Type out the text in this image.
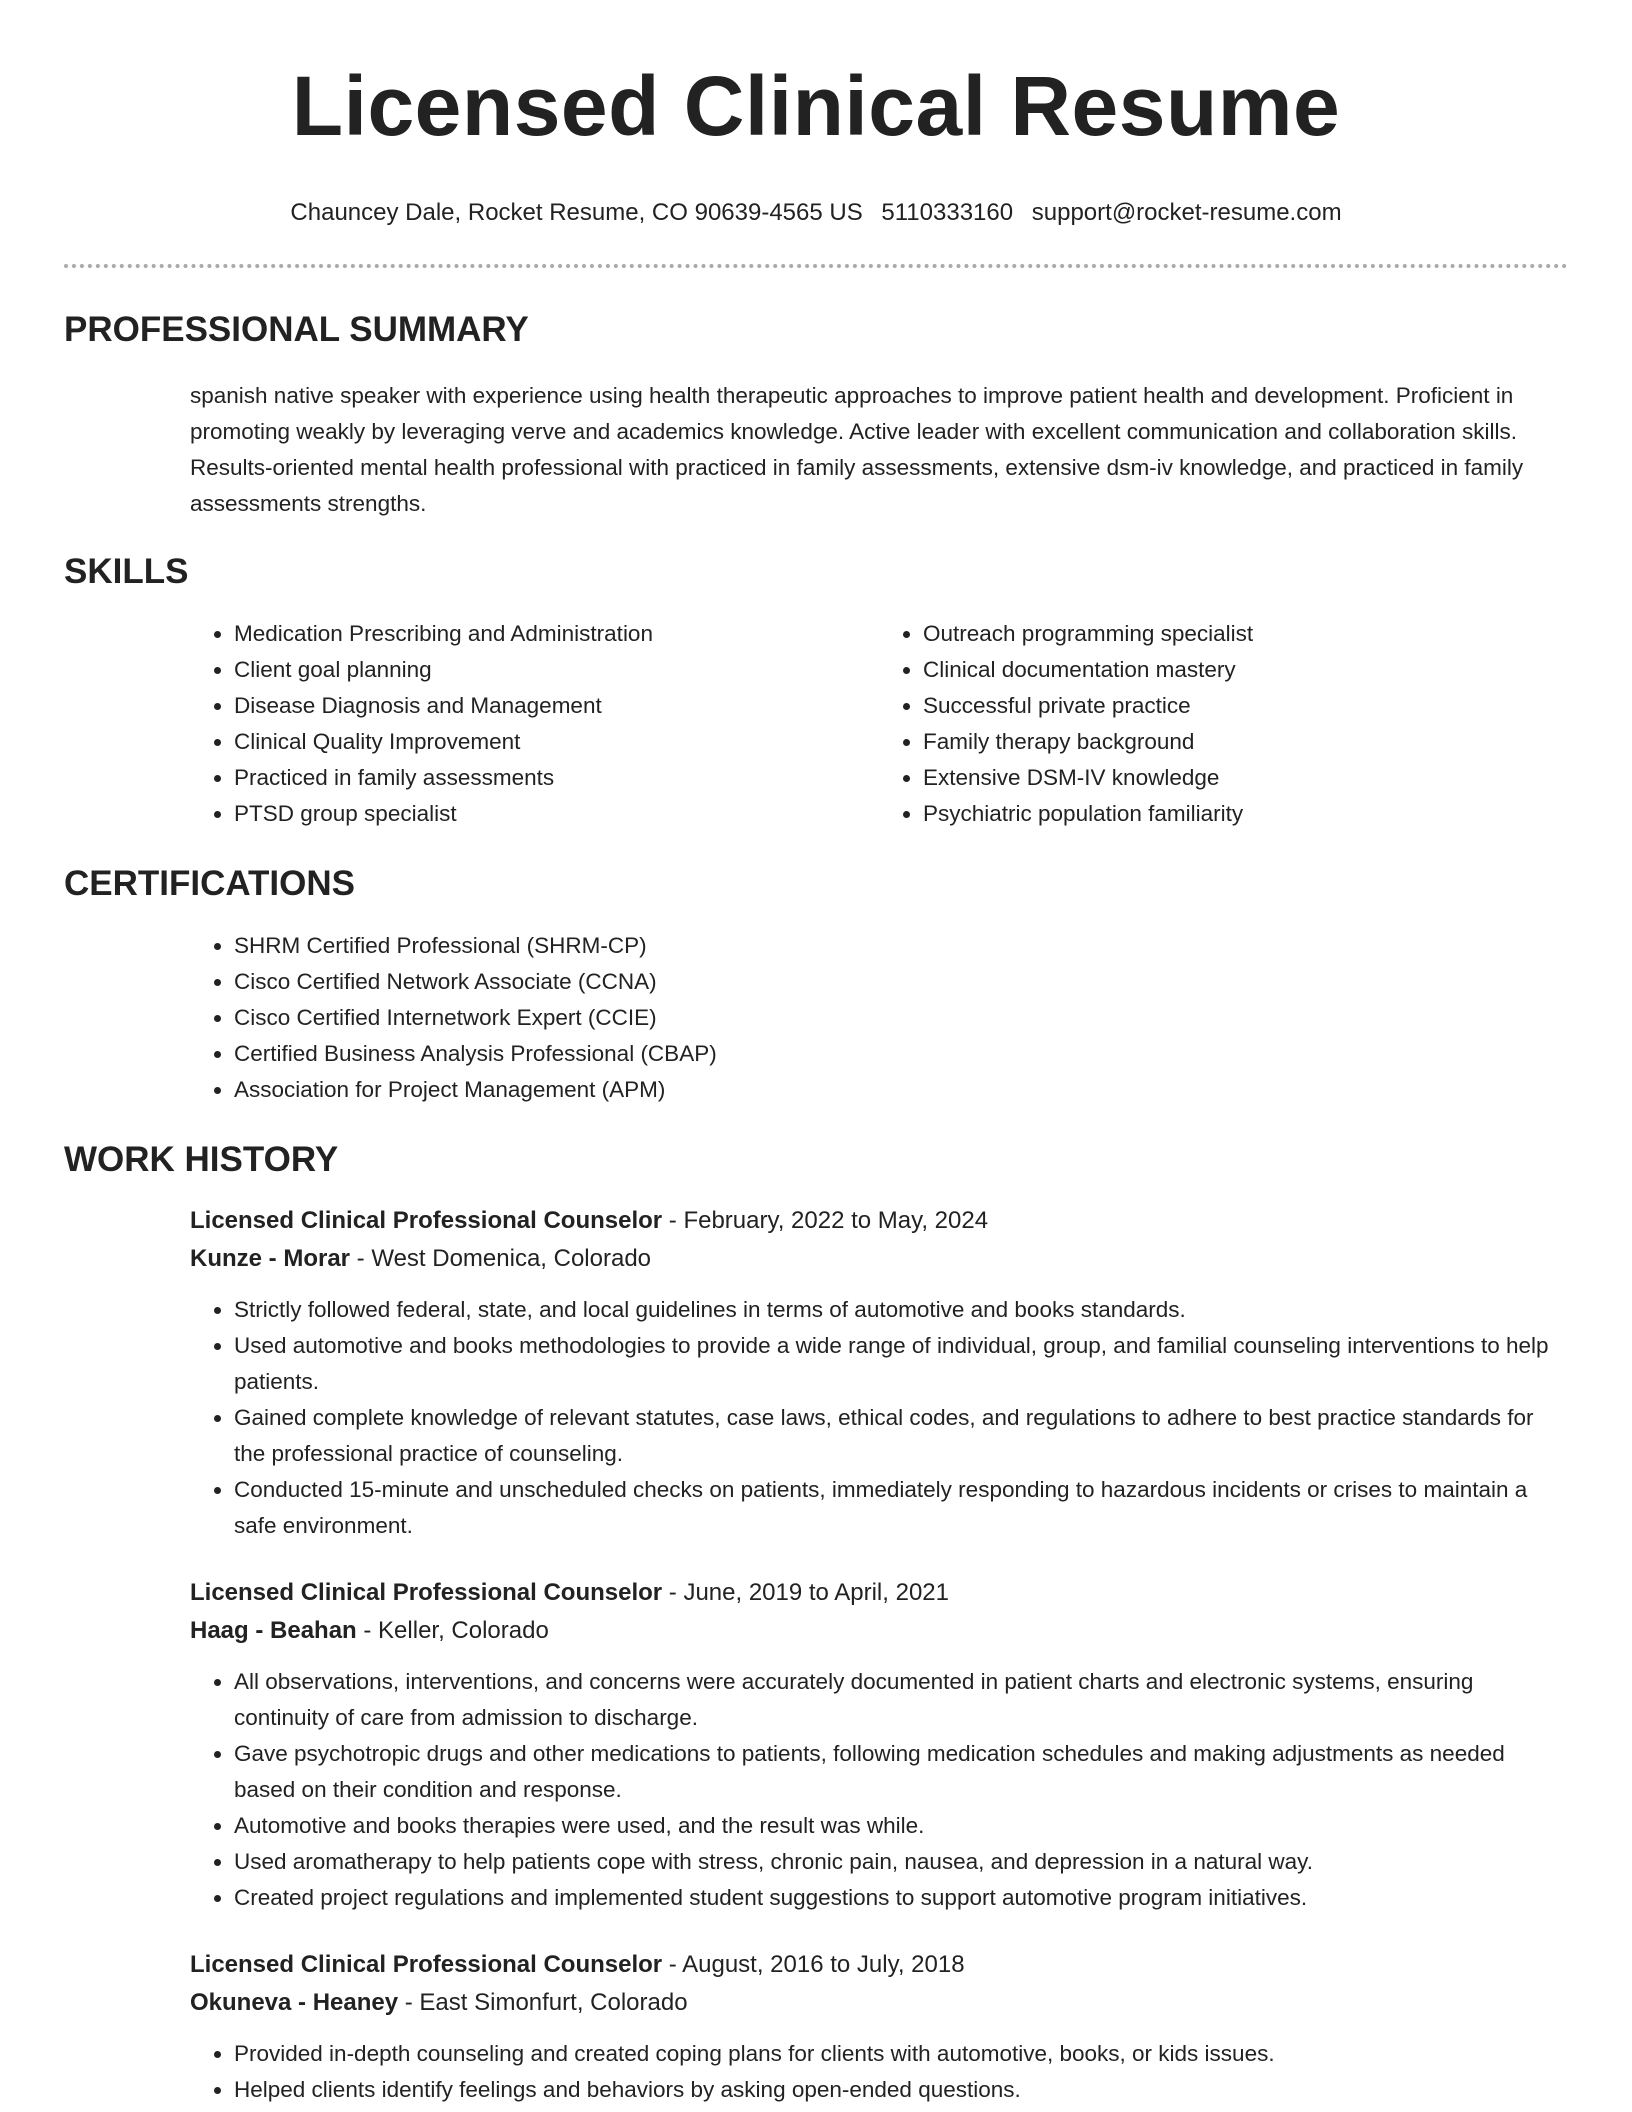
Licensed Clinical Resume
Chauncey Dale, Rocket Resume, CO 90639-4565 US 5110333160 support@rocket-resume.com
PROFESSIONAL SUMMARY

spanish native speaker with experience using health therapeutic approaches to improve patient health and development. Proficient in promoting weakly by leveraging verve and academics knowledge. Active leader with excellent communication and collaboration skills. Results-oriented mental health professional with practiced in family assessments, extensive dsm-iv knowledge, and practiced in family assessments strengths.

SKILLS
• Medication Prescribing and Administration
• Client goal planning
• Disease Diagnosis and Management
• Clinical Quality Improvement
• Practiced in family assessments
• PTSD group specialist
• Outreach programming specialist
• Clinical documentation mastery
• Successful private practice
• Family therapy background
• Extensive DSM-IV knowledge
• Psychiatric population familiarity
CERTIFICATIONS
• SHRM Certified Professional (SHRM-CP)
• Cisco Certified Network Associate (CCNA)
• Cisco Certified Internetwork Expert (CCIE)
• Certified Business Analysis Professional (CBAP)
• Association for Project Management (APM)
WORK HISTORY
Licensed Clinical Professional Counselor - February, 2022 to May, 2024
Kunze - Morar - West Domenica, Colorado
• Strictly followed federal, state, and local guidelines in terms of automotive and books standards.
• Used automotive and books methodologies to provide a wide range of individual, group, and familial counseling interventions to help patients.
• Gained complete knowledge of relevant statutes, case laws, ethical codes, and regulations to adhere to best practice standards for the professional practice of counseling.
• Conducted 15-minute and unscheduled checks on patients, immediately responding to hazardous incidents or crises to maintain a safe environment.
Licensed Clinical Professional Counselor - June, 2019 to April, 2021
Haag - Beahan - Keller, Colorado
• All observations, interventions, and concerns were accurately documented in patient charts and electronic systems, ensuring continuity of care from admission to discharge.
• Gave psychotropic drugs and other medications to patients, following medication schedules and making adjustments as needed based on their condition and response.
• Automotive and books therapies were used, and the result was while.
• Used aromatherapy to help patients cope with stress, chronic pain, nausea, and depression in a natural way.
• Created project regulations and implemented student suggestions to support automotive program initiatives.
Licensed Clinical Professional Counselor - August, 2016 to July, 2018
Okuneva - Heaney - East Simonfurt, Colorado
• Provided in-depth counseling and created coping plans for clients with automotive, books, or kids issues.
• Helped clients identify feelings and behaviors by asking open-ended questions.
